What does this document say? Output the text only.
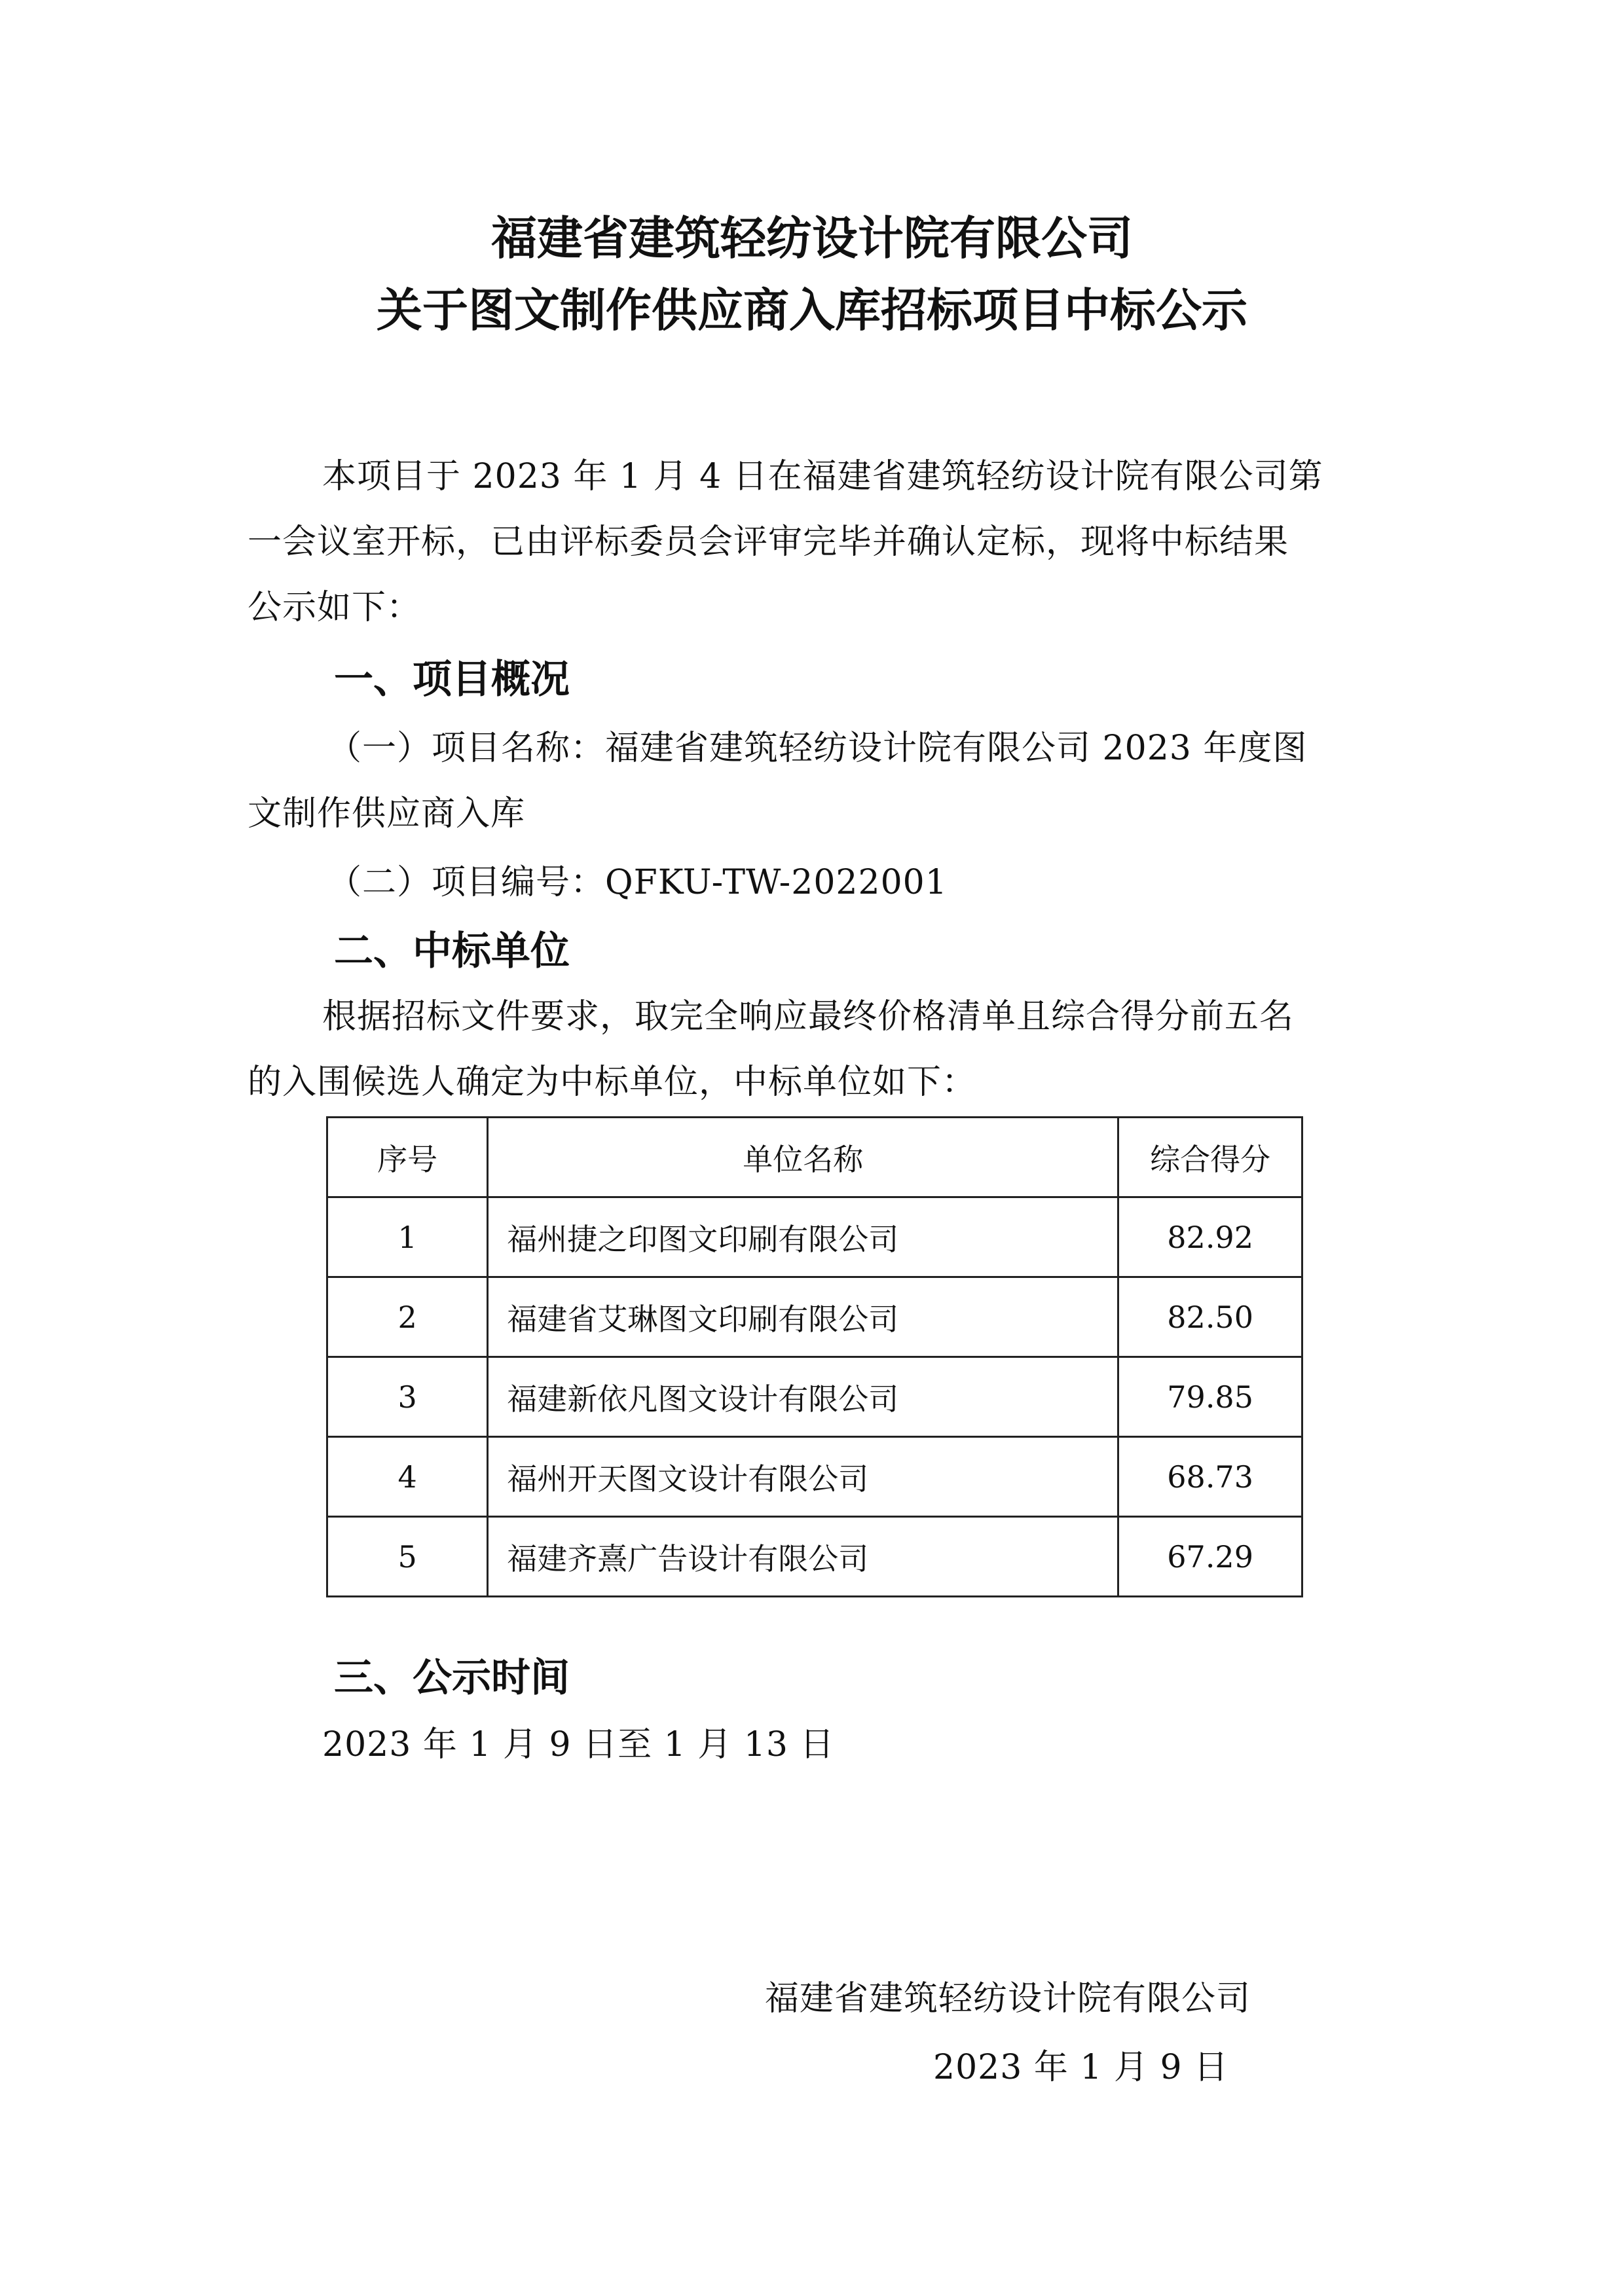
福建省建筑轻纺设计院有限公司
关于图文制作供应商入库招标项目中标公示
本项目于 2023 年 1 月 4 日在福建省建筑轻纺设计院有限公司第
一会议室开标，已由评标委员会评审完毕并确认定标，现将中标结果
公示如下：
一、项目概况
（一）项目名称：福建省建筑轻纺设计院有限公司 2023 年度图
文制作供应商入库
（二）项目编号：QFKU-TW-2022001
二、中标单位
根据招标文件要求，取完全响应最终价格清单且综合得分前五名
的入围候选人确定为中标单位，中标单位如下：
序号	单位名称	综合得分
1	福州捷之印图文印刷有限公司	82.92
2	福建省艾琳图文印刷有限公司	82.50
3	福建新依凡图文设计有限公司	79.85
4	福州开天图文设计有限公司	68.73
5	福建齐熹广告设计有限公司	67.29
三、公示时间
2023 年 1 月 9 日至 1 月 13 日
福建省建筑轻纺设计院有限公司
2023 年 1 月 9 日
